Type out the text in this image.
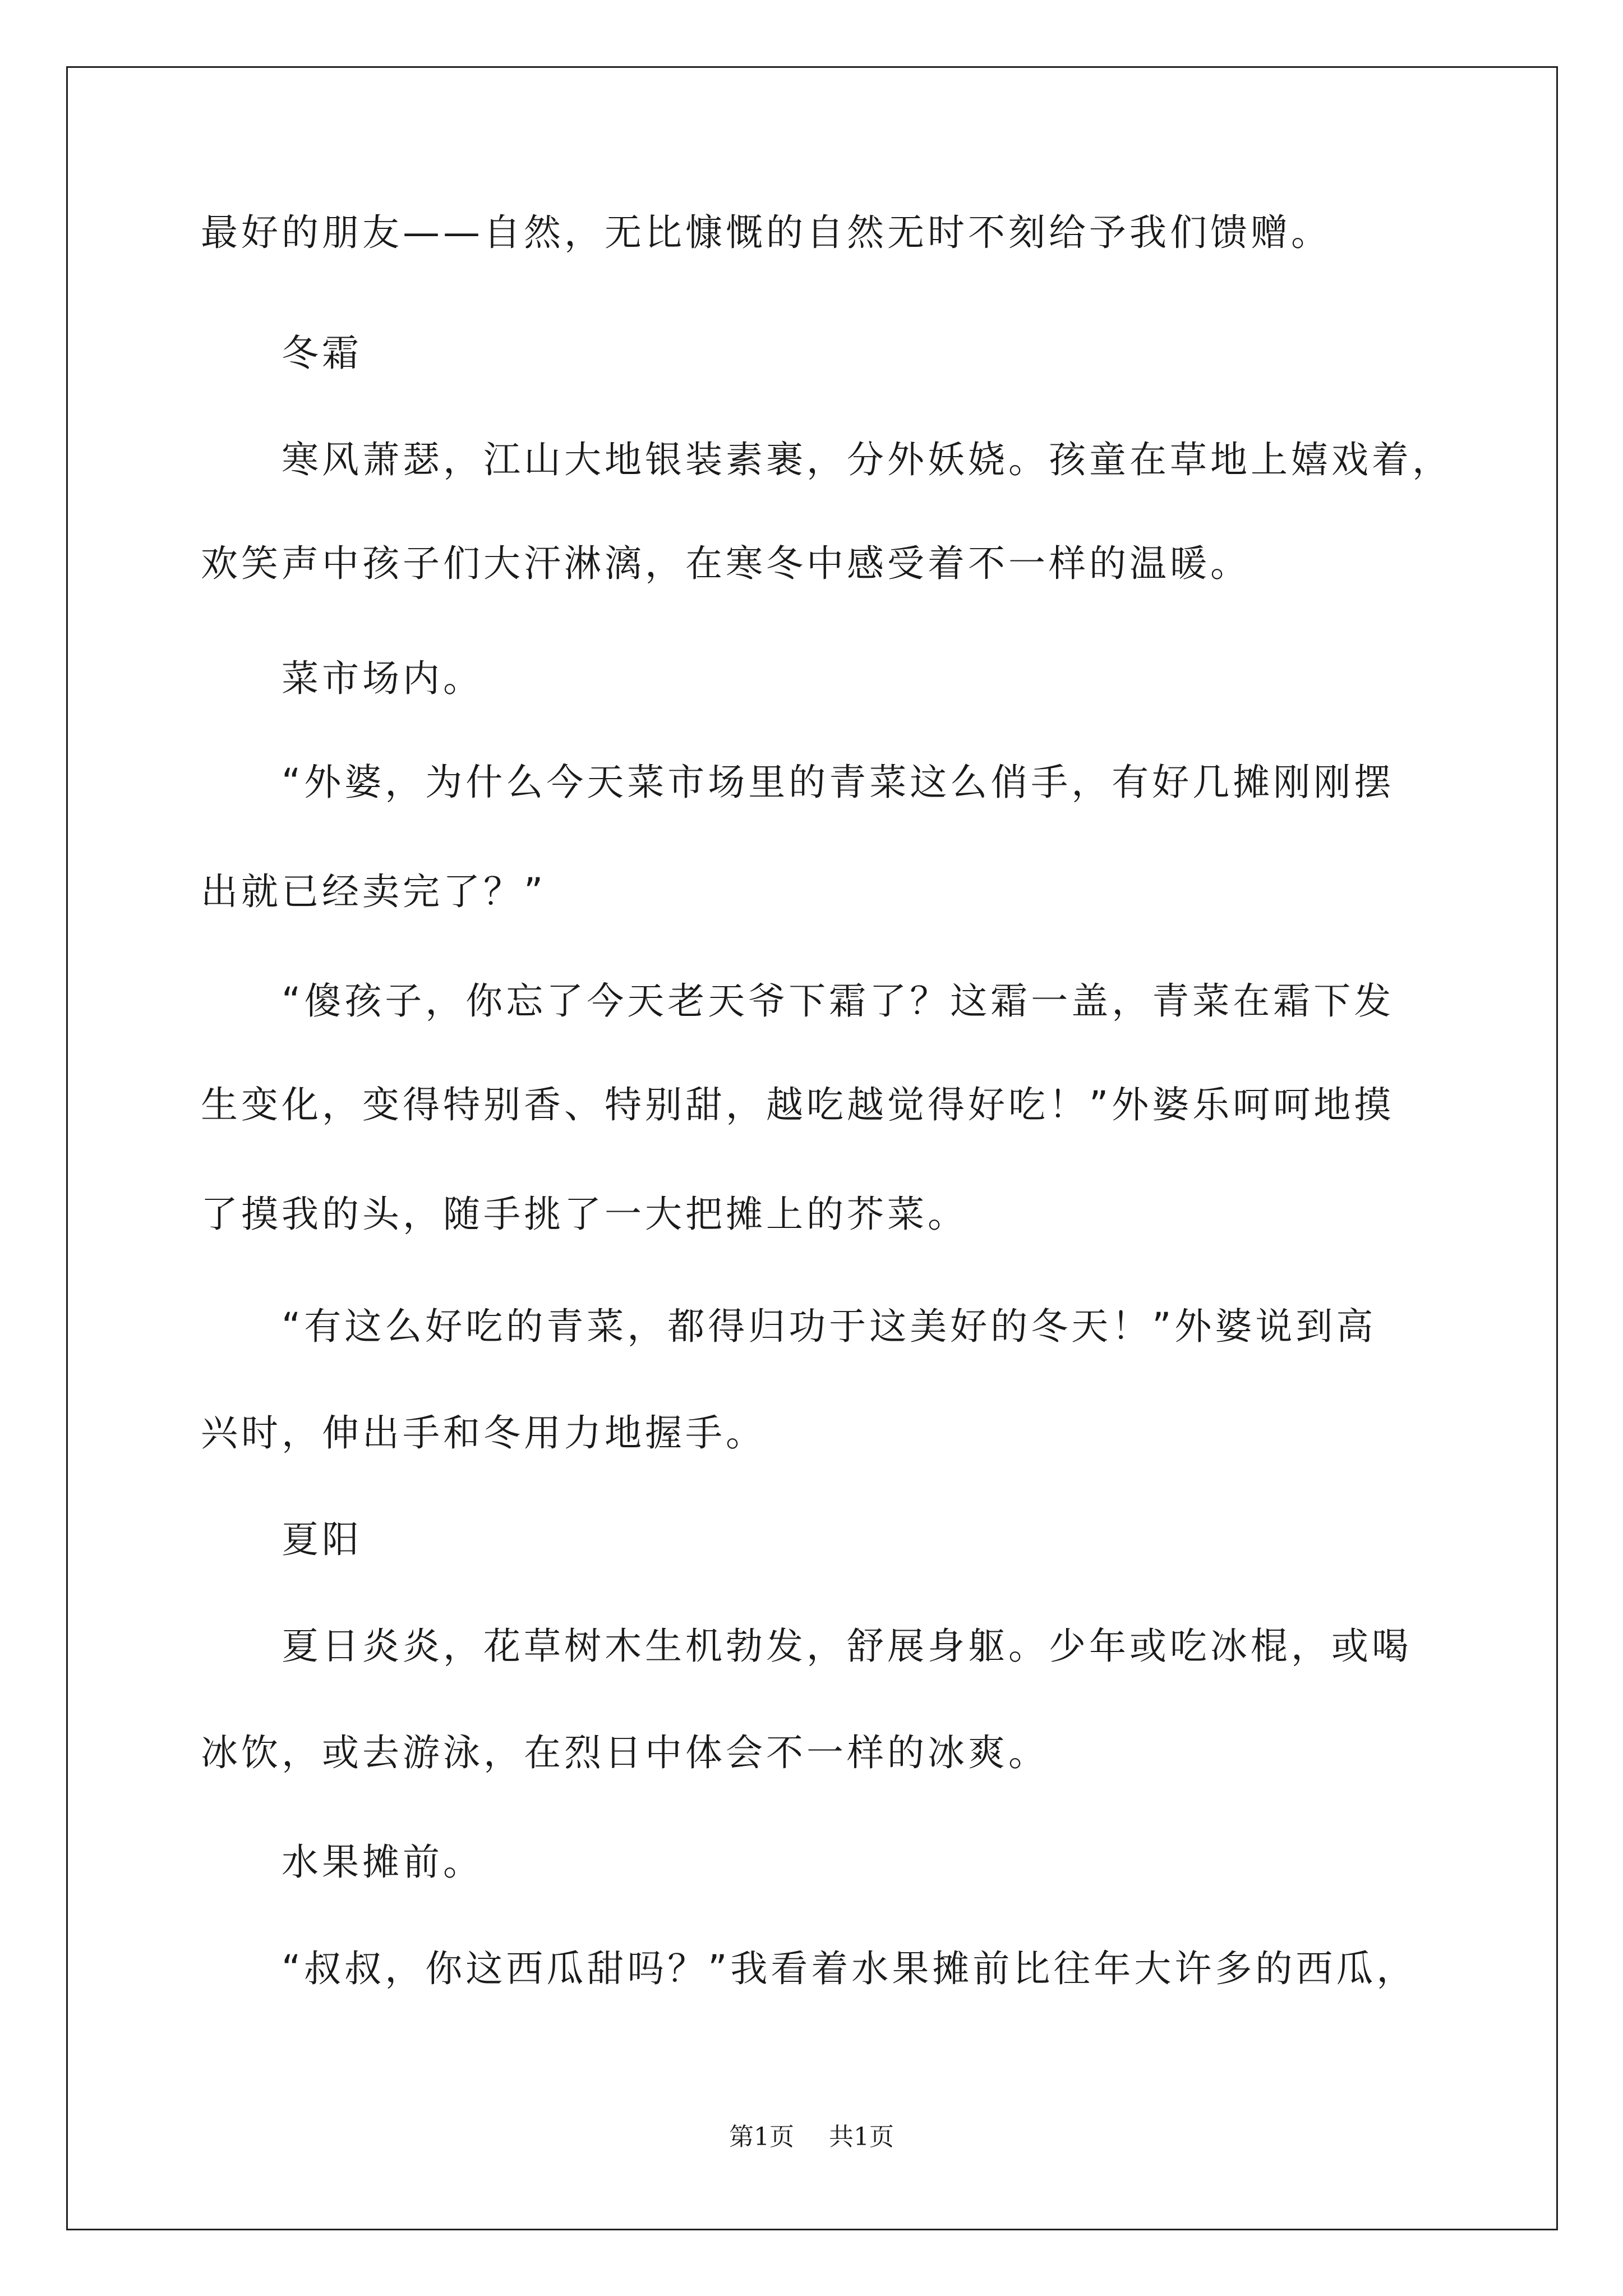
最好的朋友——自然，无比慷慨的自然无时不刻给予我们馈赠。
冬霜
寒风萧瑟，江山大地银装素裹，分外妖娆。孩童在草地上嬉戏着，
欢笑声中孩子们大汗淋漓，在寒冬中感受着不一样的温暖。
菜市场内。
“外婆，为什么今天菜市场里的青菜这么俏手，有好几摊刚刚摆
出就已经卖完了？”
“傻孩子，你忘了今天老天爷下霜了？这霜一盖，青菜在霜下发
生变化，变得特别香、特别甜，越吃越觉得好吃！”外婆乐呵呵地摸
了摸我的头，随手挑了一大把摊上的芥菜。
“有这么好吃的青菜，都得归功于这美好的冬天！”外婆说到高
兴时，伸出手和冬用力地握手。
夏阳
夏日炎炎，花草树木生机勃发，舒展身躯。少年或吃冰棍，或喝
冰饮，或去游泳，在烈日中体会不一样的冰爽。
水果摊前。
“叔叔，你这西瓜甜吗？”我看着水果摊前比往年大许多的西瓜，
第1页 共1页
